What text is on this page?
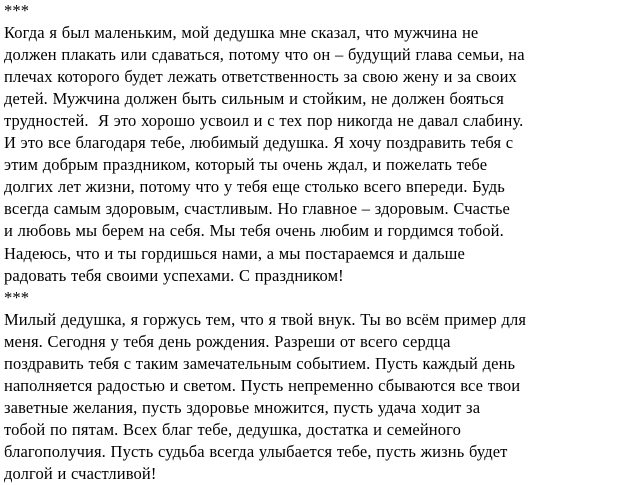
***
Когда я был маленьким, мой дедушка мне сказал, что мужчина не
должен плакать или сдаваться, потому что он – будущий глава семьи, на
плечах которого будет лежать ответственность за свою жену и за своих
детей. Мужчина должен быть сильным и стойким, не должен бояться
трудностей.  Я это хорошо усвоил и с тех пор никогда не давал слабину.
И это все благодаря тебе, любимый дедушка. Я хочу поздравить тебя с
этим добрым праздником, который ты очень ждал, и пожелать тебе
долгих лет жизни, потому что у тебя еще столько всего впереди. Будь
всегда самым здоровым, счастливым. Но главное – здоровым. Счастье
и любовь мы берем на себя. Мы тебя очень любим и гордимся тобой.
Надеюсь, что и ты гордишься нами, а мы постараемся и дальше
радовать тебя своими успехами. С праздником!
***
Милый дедушка, я горжусь тем, что я твой внук. Ты во всём пример для
меня. Сегодня у тебя день рождения. Разреши от всего сердца
поздравить тебя с таким замечательным событием. Пусть каждый день
наполняется радостью и светом. Пусть непременно сбываются все твои
заветные желания, пусть здоровье множится, пусть удача ходит за
тобой по пятам. Всех благ тебе, дедушка, достатка и семейного
благополучия. Пусть судьба всегда улыбается тебе, пусть жизнь будет
долгой и счастливой!
